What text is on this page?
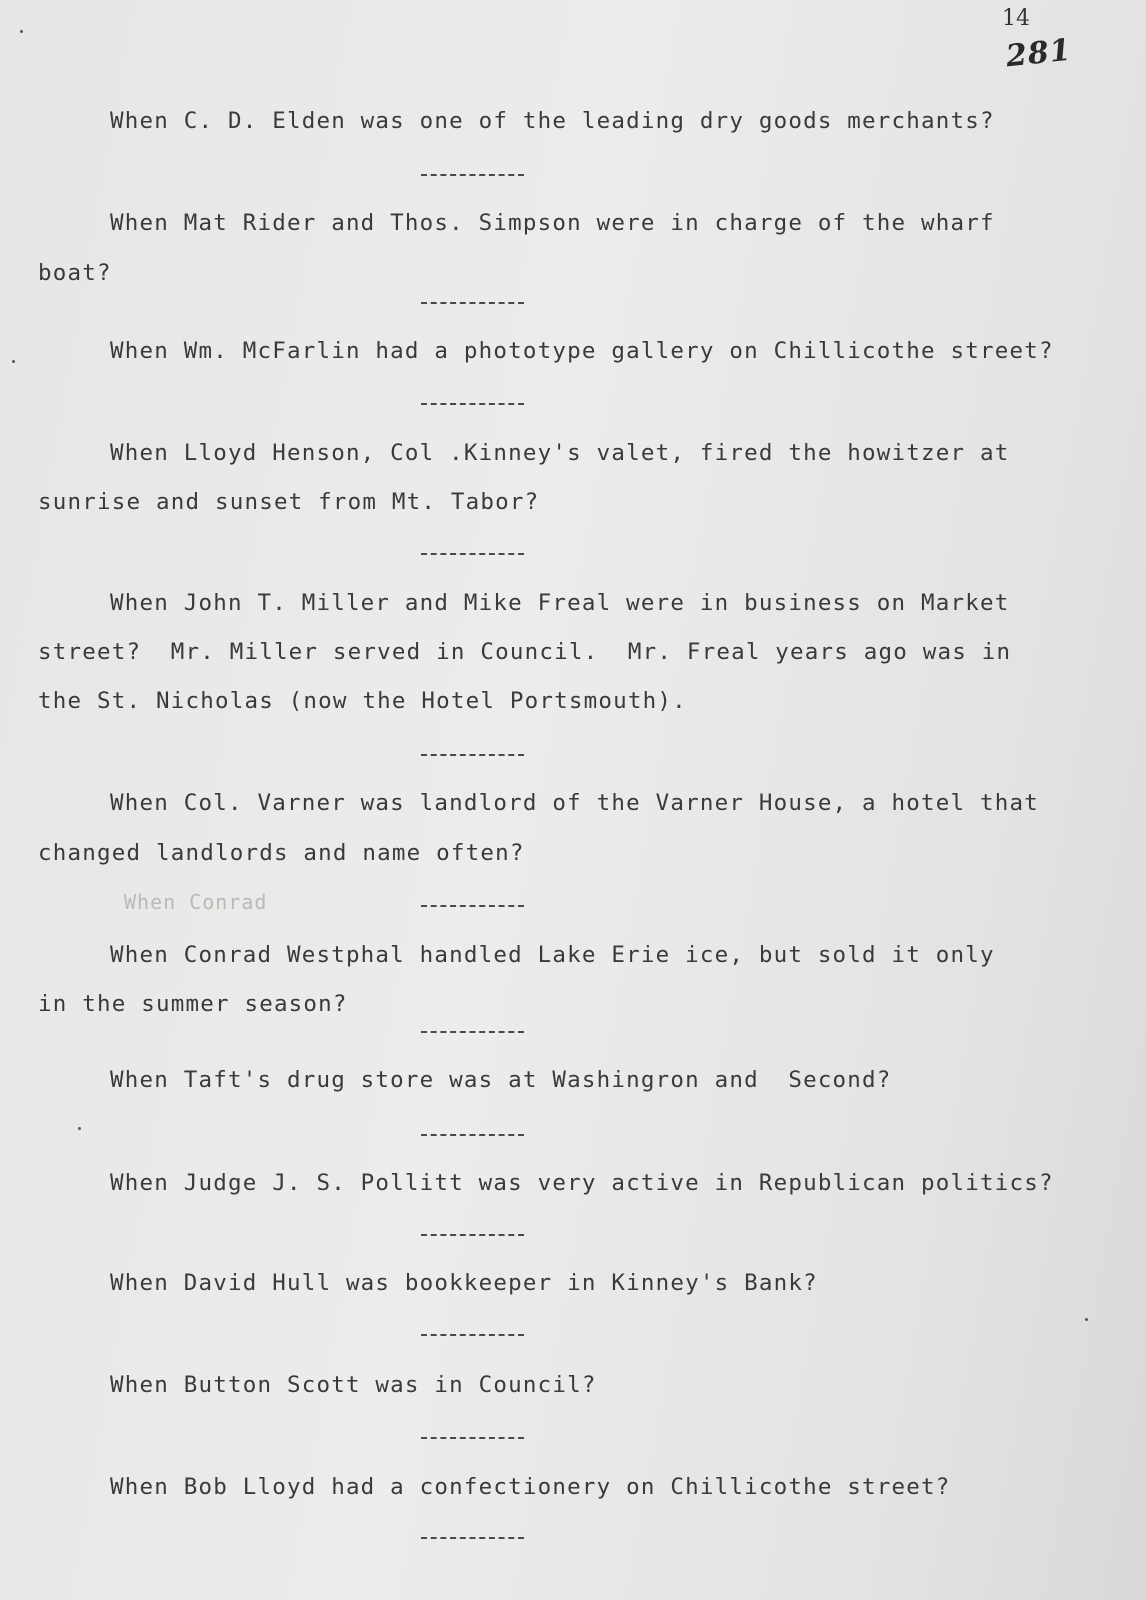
14
281
When C. D. Elden was one of the leading dry goods merchants?
When Mat Rider and Thos. Simpson were in charge of the wharf
boat?
When Wm. McFarlin had a phototype gallery on Chillicothe street?
When Lloyd Henson, Col .Kinney's valet, fired the howitzer at
sunrise and sunset from Mt. Tabor?
When John T. Miller and Mike Freal were in business on Market
street?  Mr. Miller served in Council.  Mr. Freal years ago was in
the St. Nicholas (now the Hotel Portsmouth).
When Col. Varner was landlord of the Varner House, a hotel that
changed landlords and name often?
When Conrad
When Conrad Westphal handled Lake Erie ice, but sold it only
in the summer season?
When Taft's drug store was at Washingron and  Second?
When Judge J. S. Pollitt was very active in Republican politics?
When David Hull was bookkeeper in Kinney's Bank?
When Button Scott was in Council?
When Bob Lloyd had a confectionery on Chillicothe street?
